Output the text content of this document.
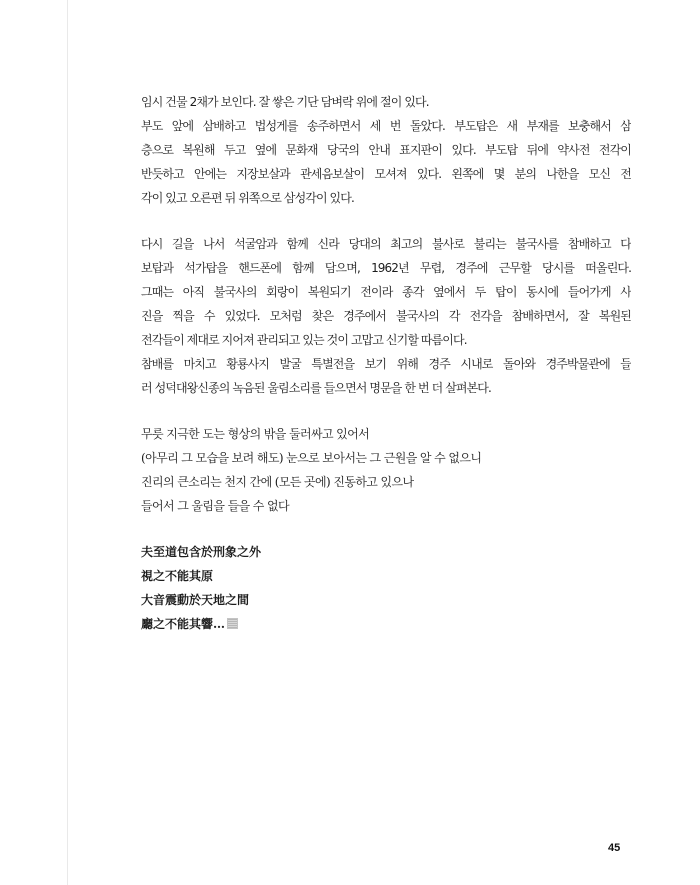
임시 건물 2채가 보인다. 잘 쌓은 기단 담벼락 위에 절이 있다.
부도 앞에 삼배하고 법성게를 송주하면서 세 번 돌았다. 부도탑은 새 부재를 보충해서 삼
층으로 복원해 두고 옆에 문화재 당국의 안내 표지판이 있다. 부도탑 뒤에 약사전 전각이
반듯하고 안에는 지장보살과 관세음보살이 모셔져 있다. 왼쪽에 몇 분의 나한을 모신 전
각이 있고 오른편 뒤 위쪽으로 삼성각이 있다.
다시 길을 나서 석굴암과 함께 신라 당대의 최고의 불사로 불리는 불국사를 참배하고 다
보탑과 석가탑을 핸드폰에 함께 담으며, 1962년 무렵, 경주에 근무할 당시를 떠올린다.
그때는 아직 불국사의 회랑이 복원되기 전이라 종각 옆에서 두 탑이 동시에 들어가게 사
진을 찍을 수 있었다. 모처럼 찾은 경주에서 불국사의 각 전각을 참배하면서, 잘 복원된
전각들이 제대로 지어져 관리되고 있는 것이 고맙고 신기할 따름이다.
참배를 마치고 황룡사지 발굴 특별전을 보기 위해 경주 시내로 돌아와 경주박물관에 들
러 성덕대왕신종의 녹음된 울림소리를 들으면서 명문을 한 번 더 살펴본다.
무릇 지극한 도는 형상의 밖을 둘러싸고 있어서
(아무리 그 모습을 보려 해도) 눈으로 보아서는 그 근원을 알 수 없으니
진리의 큰소리는 천지 간에 (모든 곳에) 진동하고 있으나
들어서 그 울림을 들을 수 없다
夫至道包含於刑象之外
視之不能其原
大音震動於天地之間
廳之不能其響…
45
